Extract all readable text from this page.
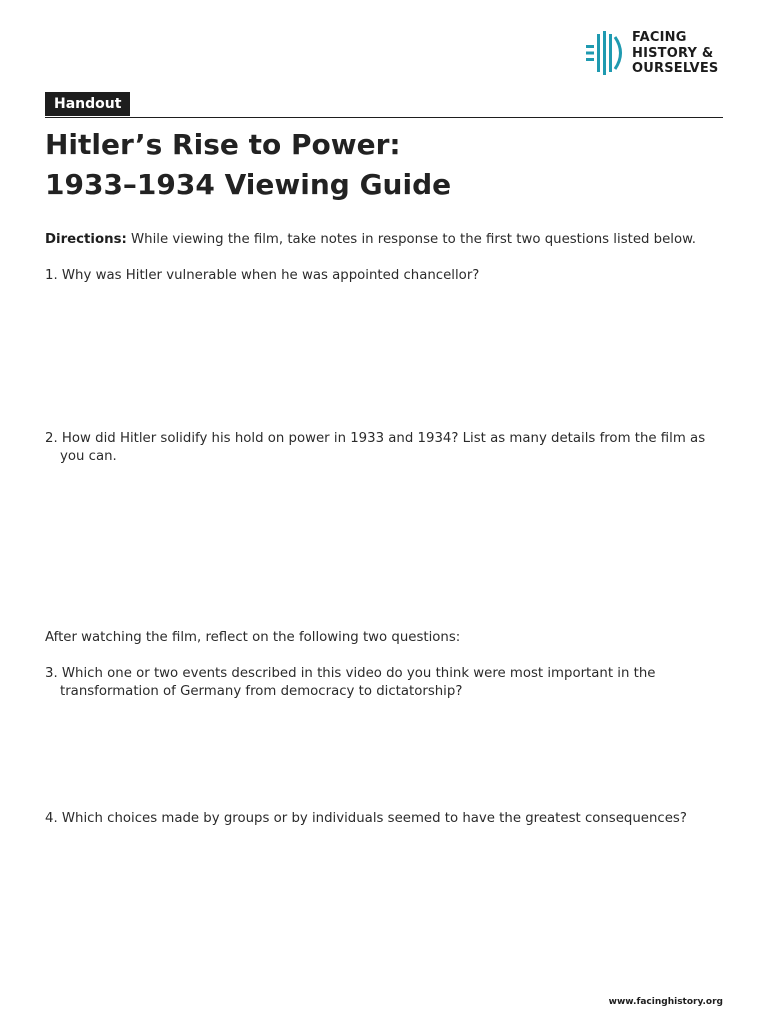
FACING
HISTORY &
OURSELVES
Handout
Hitler’s Rise to Power:
1933–1934 Viewing Guide

Directions: While viewing the film, take notes in response to the first two questions listed below.

1. Why was Hitler vulnerable when he was appointed chancellor?

2. How did Hitler solidify his hold on power in 1933 and 1934? List as many details from the film as you can.

After watching the film, reflect on the following two questions:

3. Which one or two events described in this video do you think were most important in the transformation of Germany from democracy to dictatorship?

4. Which choices made by groups or by individuals seemed to have the greatest consequences?

www.facinghistory.org
